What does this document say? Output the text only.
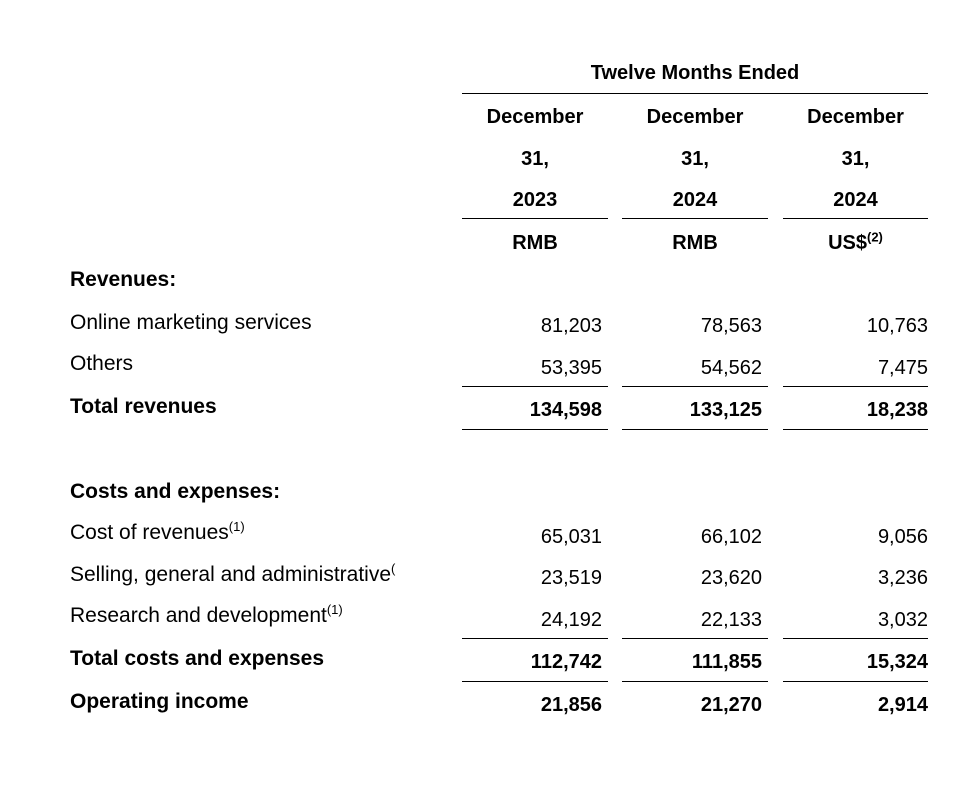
Twelve Months Ended
December
31,
2023
RMB
December
31,
2024
RMB
December
31,
2024
US\$$^{(2)}$
Revenues:
Online marketing services	81,203	78,563	10,763
Others	53,395	54,562	7,475
Total revenues	134,598	133,125	18,238
Costs and expenses:
Cost of revenues$^{(1)}$	65,031	66,102	9,056
Selling, general and administrative(	23,519	23,620	3,236
Research and development$^{(1)}$	24,192	22,133	3,032
Total costs and expenses	112,742	111,855	15,324
Operating income	21,856	21,270	2,914
